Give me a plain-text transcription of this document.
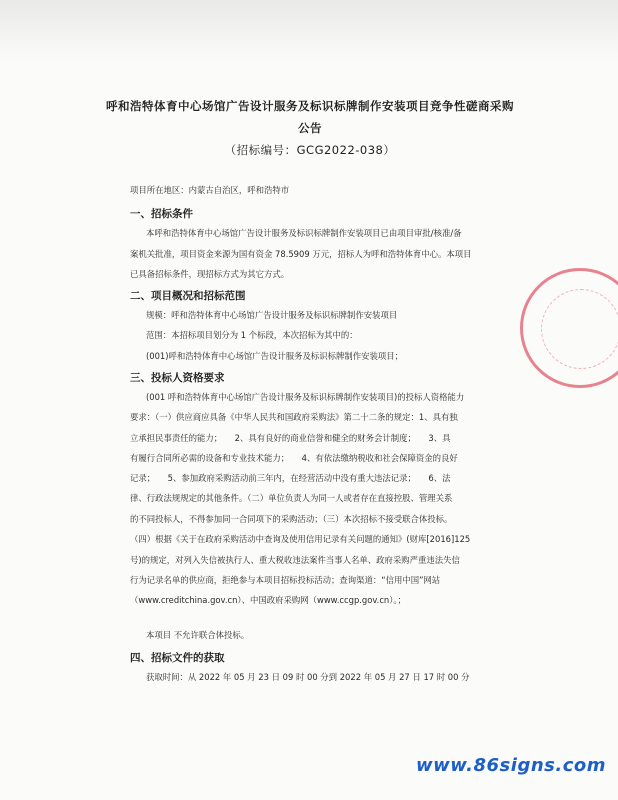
呼和浩特体育中心场馆广告设计服务及标识标牌制作安装项目竞争性磋商采购
公告
（招标编号：GCG2022-038）
项目所在地区：内蒙古自治区，呼和浩特市
一、招标条件
本呼和浩特体育中心场馆广告设计服务及标识标牌制作安装项目已由项目审批/核准/备
案机关批准，项目资金来源为国有资金 78.5909 万元，招标人为呼和浩特体育中心。本项目
已具备招标条件，现招标方式为其它方式。
二、项目概况和招标范围
规模：呼和浩特体育中心场馆广告设计服务及标识标牌制作安装项目
范围：本招标项目划分为 1 个标段，本次招标为其中的：
(001)呼和浩特体育中心场馆广告设计服务及标识标牌制作安装项目；
三、投标人资格要求
(001 呼和浩特体育中心场馆广告设计服务及标识标牌制作安装项目)的投标人资格能力
要求：（一）供应商应具备《中华人民共和国政府采购法》第二十二条的规定：1、具有独
立承担民事责任的能力；　　2、具有良好的商业信誉和健全的财务会计制度；　　3、具
有履行合同所必需的设备和专业技术能力；　　4、有依法缴纳税收和社会保障资金的良好
记录；　　5、参加政府采购活动前三年内，在经营活动中没有重大违法记录；　　6、法
律、行政法规规定的其他条件。（二）单位负责人为同一人或者存在直接控股、管理关系
的不同投标人，不得参加同一合同项下的采购活动；（三）本次招标不接受联合体投标。
（四）根据《关于在政府采购活动中查询及使用信用记录有关问题的通知》(财库[2016]125
号)的规定，对列入失信被执行人、重大税收违法案件当事人名单、政府采购严重违法失信
行为记录名单的供应商，拒绝参与本项目招标投标活动；查询渠道：“信用中国”网站
（www.creditchina.gov.cn）、中国政府采购网（www.ccgp.gov.cn）。；
本项目 不允许联合体投标。
四、招标文件的获取
获取时间：从 2022 年 05 月 23 日 09 时 00 分到 2022 年 05 月 27 日 17 时 00 分
www.86signs.com
